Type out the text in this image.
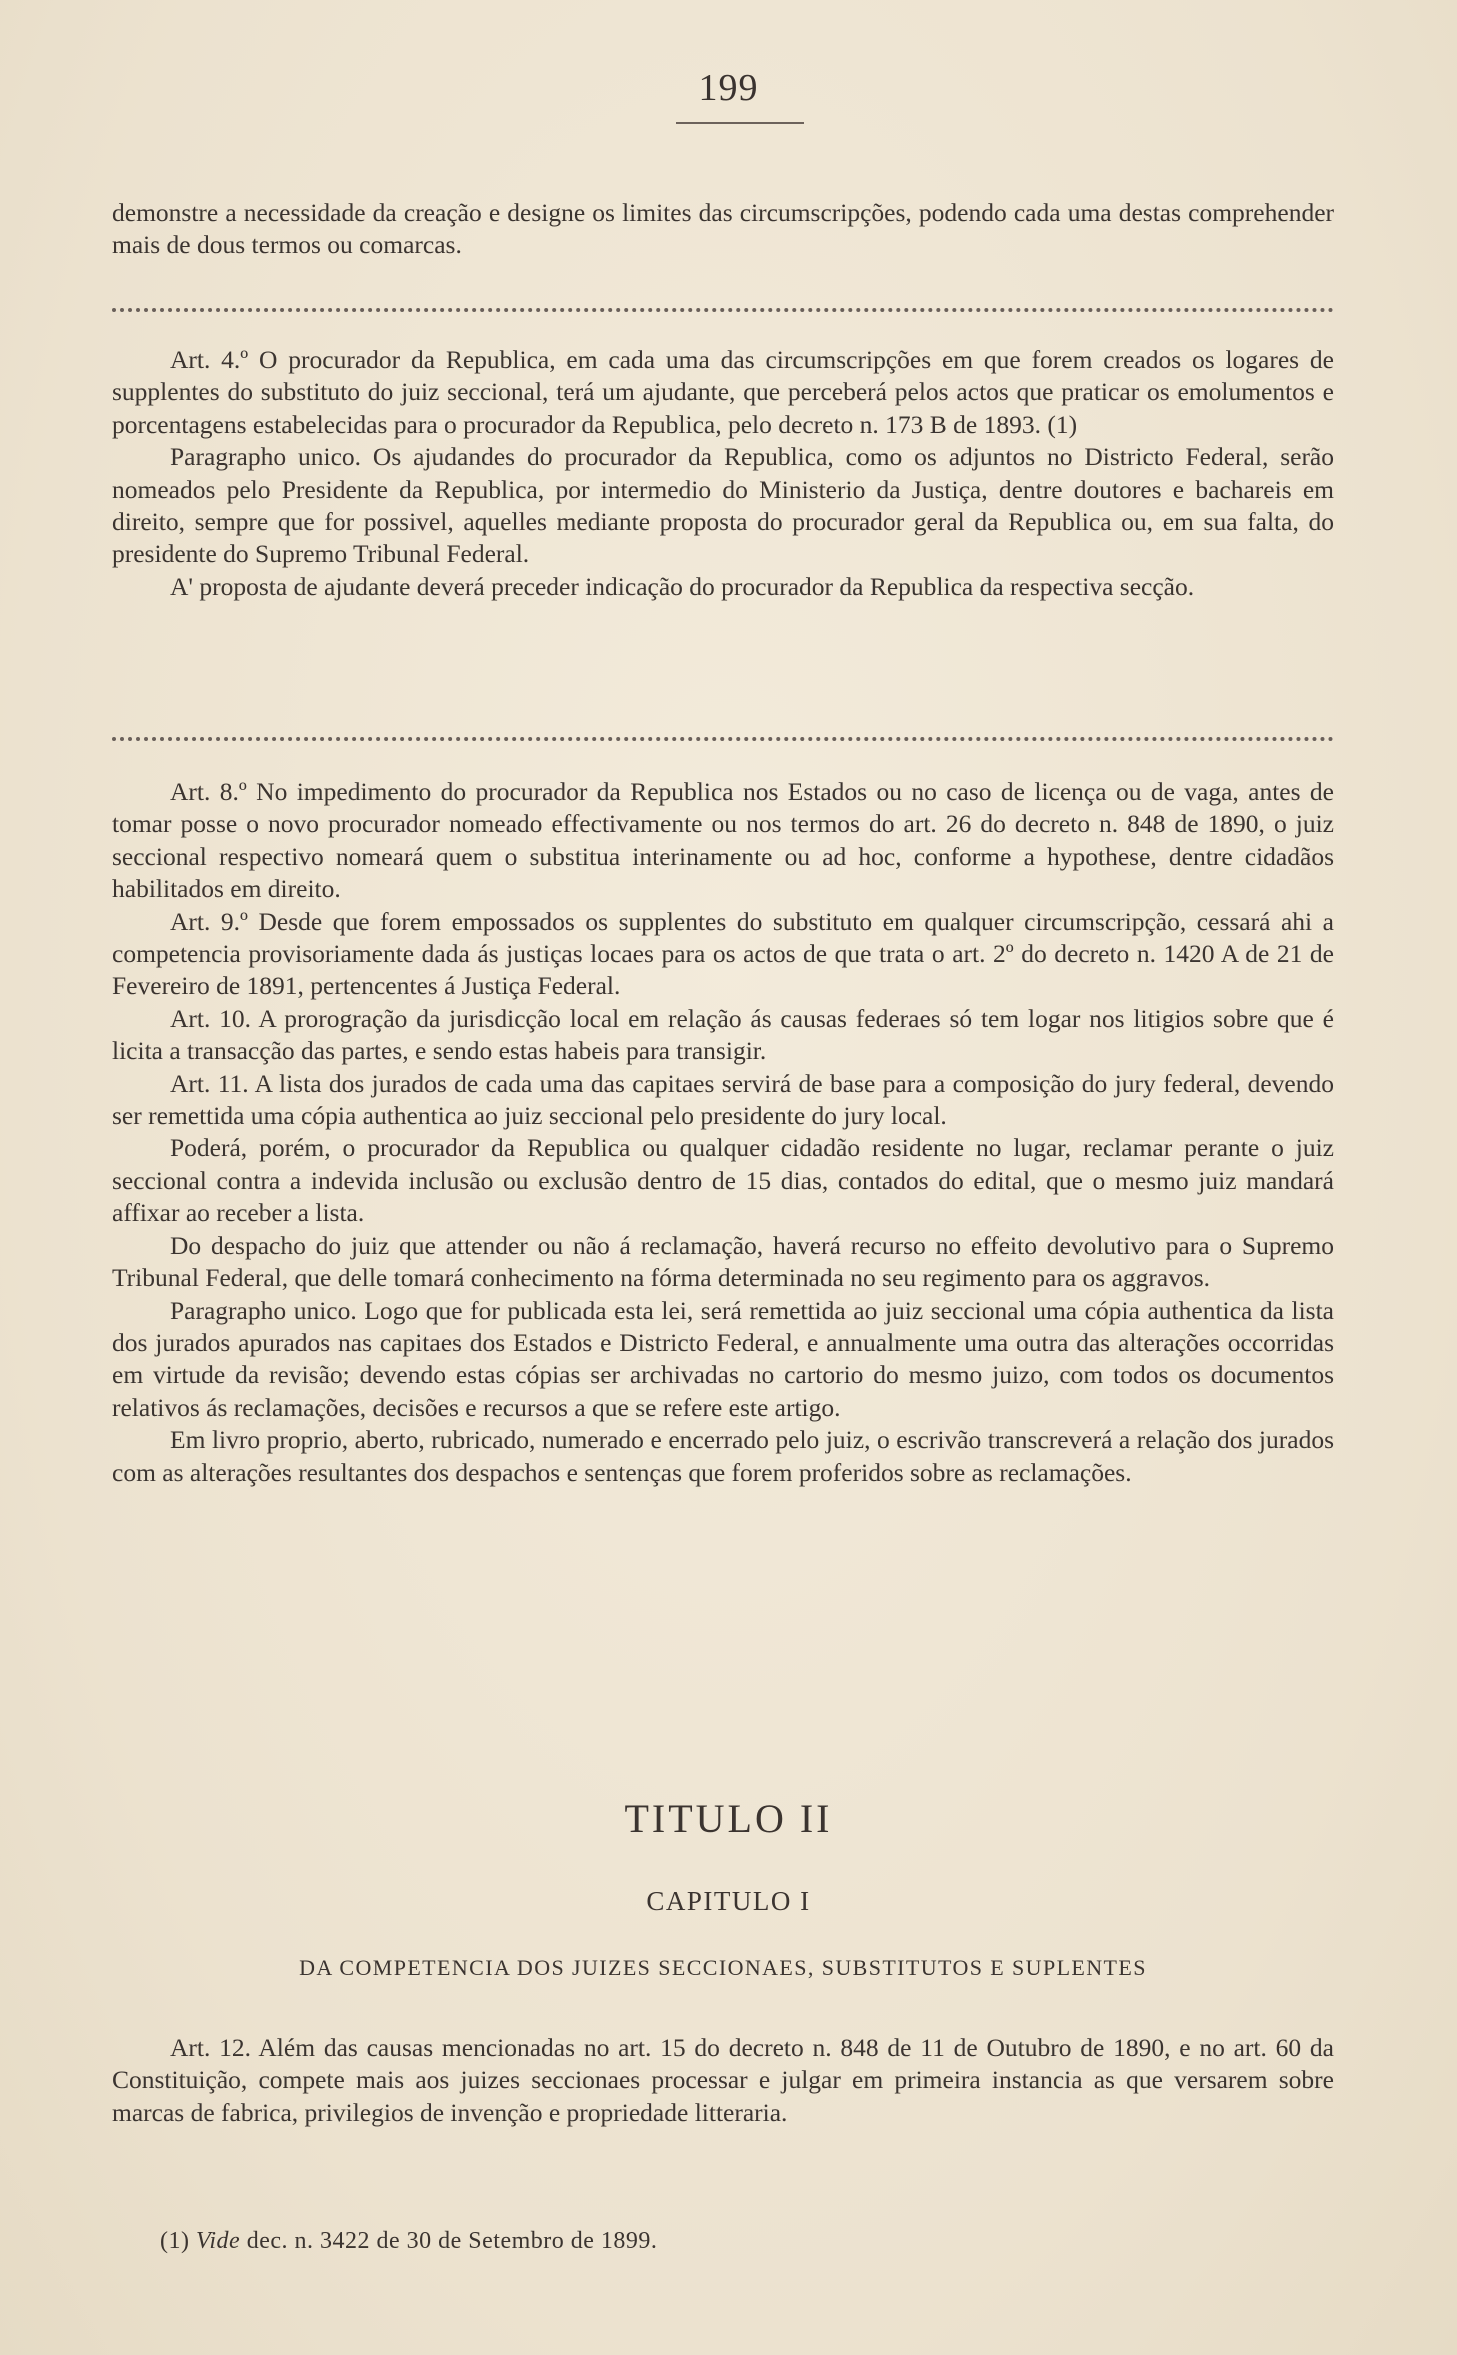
199

demonstre a necessidade da creação e designe os limites das circumscripções, podendo cada uma destas comprehender mais de dous termos ou comarcas.

Art. 4.º O procurador da Republica, em cada uma das circumscripções em que forem creados os logares de supplentes do substituto do juiz seccional, terá um ajudante, que perceberá pelos actos que praticar os emolumentos e porcentagens estabelecidas para o procurador da Republica, pelo decreto n. 173 B de 1893. (1)

Paragrapho unico. Os ajudandes do procurador da Republica, como os adjuntos no Districto Federal, serão nomeados pelo Presidente da Republica, por intermedio do Ministerio da Justiça, dentre doutores e bachareis em direito, sempre que for possivel, aquelles mediante proposta do procurador geral da Republica ou, em sua falta, do presidente do Supremo Tribunal Federal.

A' proposta de ajudante deverá preceder indicação do procurador da Republica da respectiva secção.

Art. 8.º No impedimento do procurador da Republica nos Estados ou no caso de licença ou de vaga, antes de tomar posse o novo procurador nomeado effectivamente ou nos termos do art. 26 do decreto n. 848 de 1890, o juiz seccional respectivo nomeará quem o substitua interinamente ou ad hoc, conforme a hypothese, dentre cidadãos habilitados em direito.

Art. 9.º Desde que forem empossados os supplentes do substituto em qualquer circumscripção, cessará ahi a competencia provisoriamente dada ás justiças locaes para os actos de que trata o art. 2º do decreto n. 1420 A de 21 de Fevereiro de 1891, pertencentes á Justiça Federal.

Art. 10. A prorogração da jurisdicção local em relação ás causas federaes só tem logar nos litigios sobre que é licita a transacção das partes, e sendo estas habeis para transigir.

Art. 11. A lista dos jurados de cada uma das capitaes servirá de base para a composição do jury federal, devendo ser remettida uma cópia authentica ao juiz seccional pelo presidente do jury local.

Poderá, porém, o procurador da Republica ou qualquer cidadão residente no lugar, reclamar perante o juiz seccional contra a indevida inclusão ou exclusão dentro de 15 dias, contados do edital, que o mesmo juiz mandará affixar ao receber a lista.

Do despacho do juiz que attender ou não á reclamação, haverá recurso no effeito devolutivo para o Supremo Tribunal Federal, que delle tomará conhecimento na fórma determinada no seu regimento para os aggravos.

Paragrapho unico. Logo que for publicada esta lei, será remettida ao juiz seccional uma cópia authentica da lista dos jurados apurados nas capitaes dos Estados e Districto Federal, e annualmente uma outra das alterações occorridas em virtude da revisão; devendo estas cópias ser archivadas no cartorio do mesmo juizo, com todos os documentos relativos ás reclamações, decisões e recursos a que se refere este artigo.

Em livro proprio, aberto, rubricado, numerado e encerrado pelo juiz, o escrivão transcreverá a relação dos jurados com as alterações resultantes dos despachos e sentenças que forem proferidos sobre as reclamações.

TITULO II
CAPITULO I
DA COMPETENCIA DOS JUIZES SECCIONAES, SUBSTITUTOS E SUPLENTES

Art. 12. Além das causas mencionadas no art. 15 do decreto n. 848 de 11 de Outubro de 1890, e no art. 60 da Constituição, compete mais aos juizes seccionaes processar e julgar em primeira instancia as que versarem sobre marcas de fabrica, privilegios de invenção e propriedade litteraria.

(1) Vide dec. n. 3422 de 30 de Setembro de 1899.
